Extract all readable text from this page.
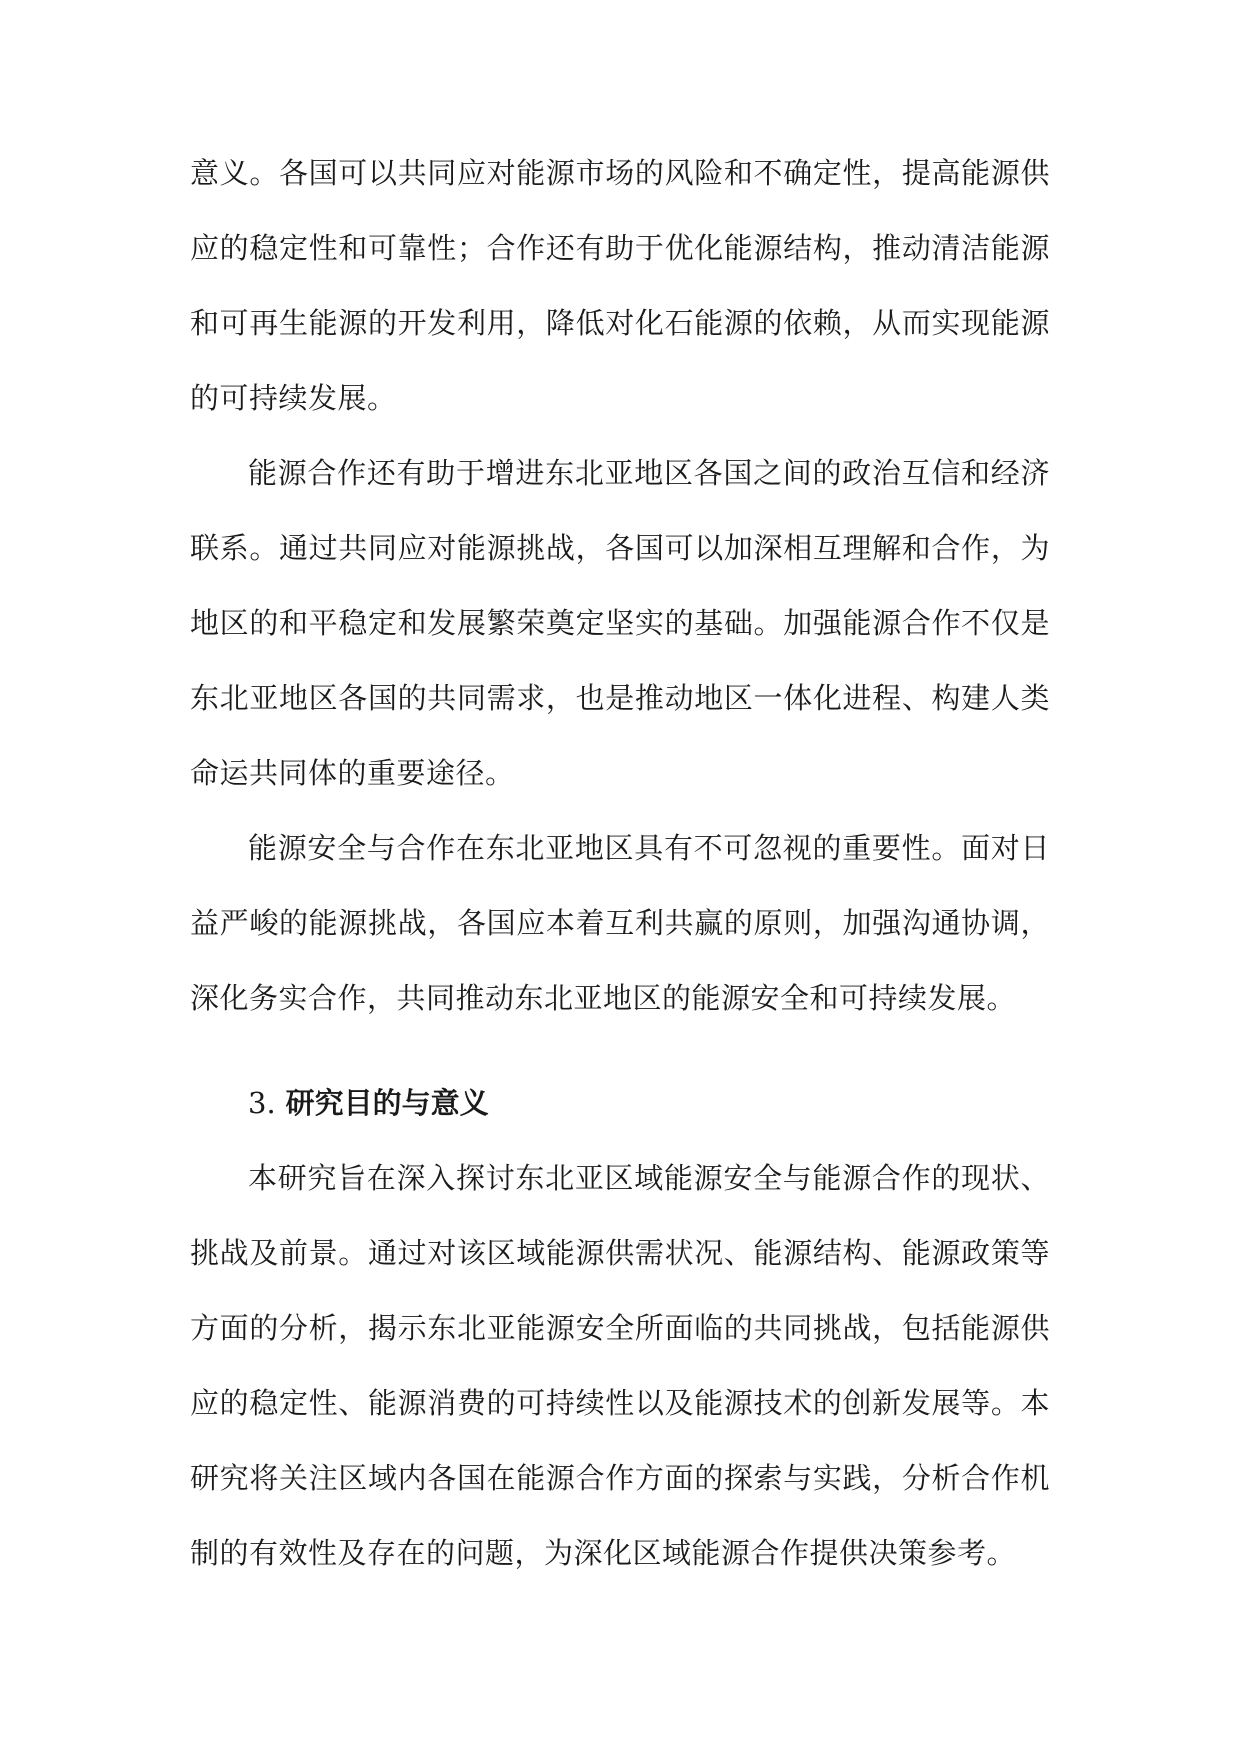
意义。各国可以共同应对能源市场的风险和不确定性，提高能源供应的稳定性和可靠性；合作还有助于优化能源结构，推动清洁能源和可再生能源的开发利用，降低对化石能源的依赖，从而实现能源的可持续发展。

能源合作还有助于增进东北亚地区各国之间的政治互信和经济联系。通过共同应对能源挑战，各国可以加深相互理解和合作，为地区的和平稳定和发展繁荣奠定坚实的基础。加强能源合作不仅是东北亚地区各国的共同需求，也是推动地区一体化进程、构建人类命运共同体的重要途径。

能源安全与合作在东北亚地区具有不可忽视的重要性。面对日益严峻的能源挑战，各国应本着互利共赢的原则，加强沟通协调，深化务实合作，共同推动东北亚地区的能源安全和可持续发展。

3. 研究目的与意义

本研究旨在深入探讨东北亚区域能源安全与能源合作的现状、挑战及前景。通过对该区域能源供需状况、能源结构、能源政策等方面的分析，揭示东北亚能源安全所面临的共同挑战，包括能源供应的稳定性、能源消费的可持续性以及能源技术的创新发展等。本研究将关注区域内各国在能源合作方面的探索与实践，分析合作机制的有效性及存在的问题，为深化区域能源合作提供决策参考。
